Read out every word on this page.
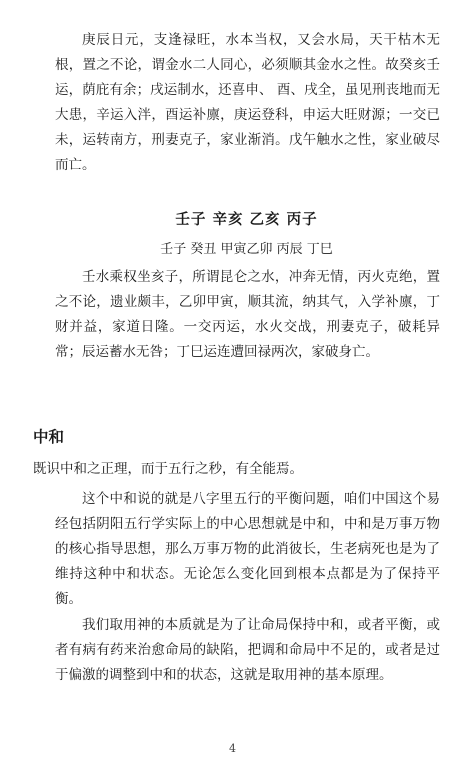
庚辰日元，支逢禄旺，水本当权，又会水局，天干枯木无根，置之不论，谓金水二人同心，必须顺其金水之性。故癸亥壬运，荫庇有余；戌运制水，还喜申、 酉、戌全，虽见刑丧地而无大患，辛运入泮，酉运补廪，庚运登科，申运大旺财源；一交已未，运转南方，刑妻克子，家业渐消。戊午触水之性，家业破尽而亡。

壬子 辛亥 乙亥 丙子

壬子 癸丑 甲寅乙卯 丙辰 丁巳

壬水乘权坐亥子，所谓昆仑之水，冲奔无情，丙火克绝，置之不论，遗业颇丰，乙卯甲寅，顺其流，纳其气，入学补廪，丁财并益，家道日隆。一交丙运，水火交战，刑妻克子，破耗异常；辰运蓄水无咎；丁巳运连遭回禄两次，家破身亡。

中和

既识中和之正理，而于五行之秒，有全能焉。

这个中和说的就是八字里五行的平衡问题，咱们中国这个易经包括阴阳五行学实际上的中心思想就是中和，中和是万事万物的核心指导思想，那么万事万物的此消彼长，生老病死也是为了维持这种中和状态。无论怎么变化回到根本点都是为了保持平衡。

我们取用神的本质就是为了让命局保持中和，或者平衡，或者有病有药来治愈命局的缺陷，把调和命局中不足的，或者是过于偏激的调整到中和的状态，这就是取用神的基本原理。

4
